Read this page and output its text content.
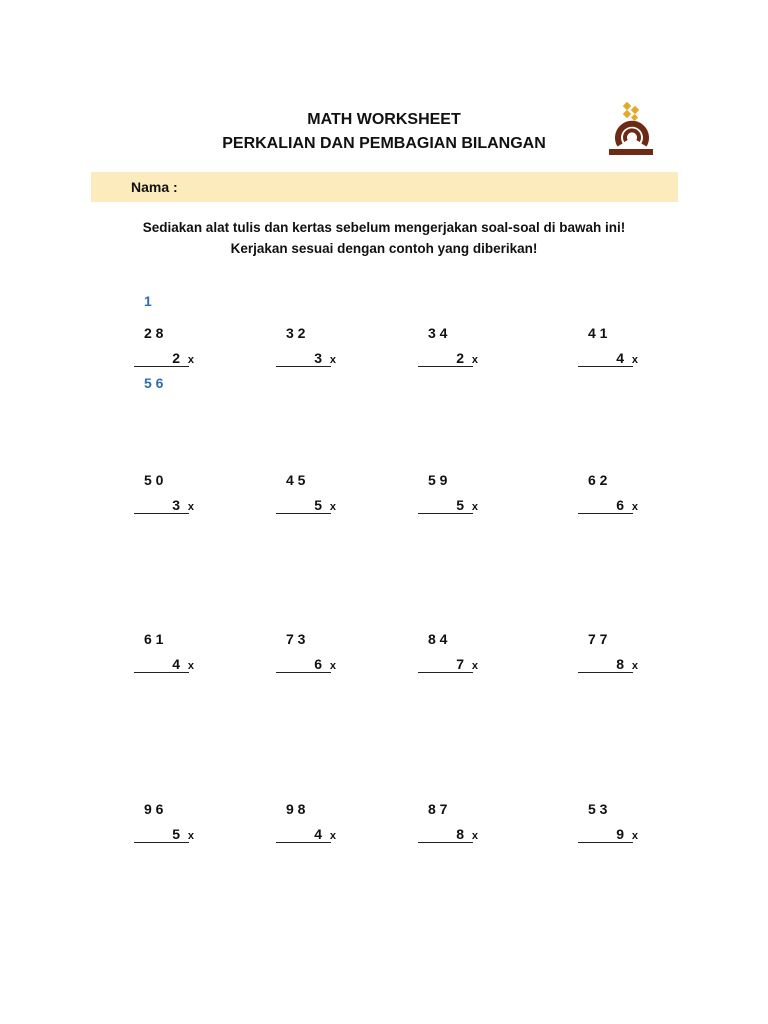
MATH WORKSHEET
PERKALIAN DAN PEMBAGIAN BILANGAN
Nama :
Sediakan alat tulis dan kertas sebelum mengerjakan soal-soal di bawah ini!
Kerjakan sesuai dengan contoh yang diberikan!
1
2 8
2 x
5 6
3 2
3 x
3 4
2 x
4 1
4 x
5 0
3 x
4 5
5 x
5 9
5 x
6 2
6 x
6 1
4 x
7 3
6 x
8 4
7 x
7 7
8 x
9 6
5 x
9 8
4 x
8 7
8 x
5 3
9 x
